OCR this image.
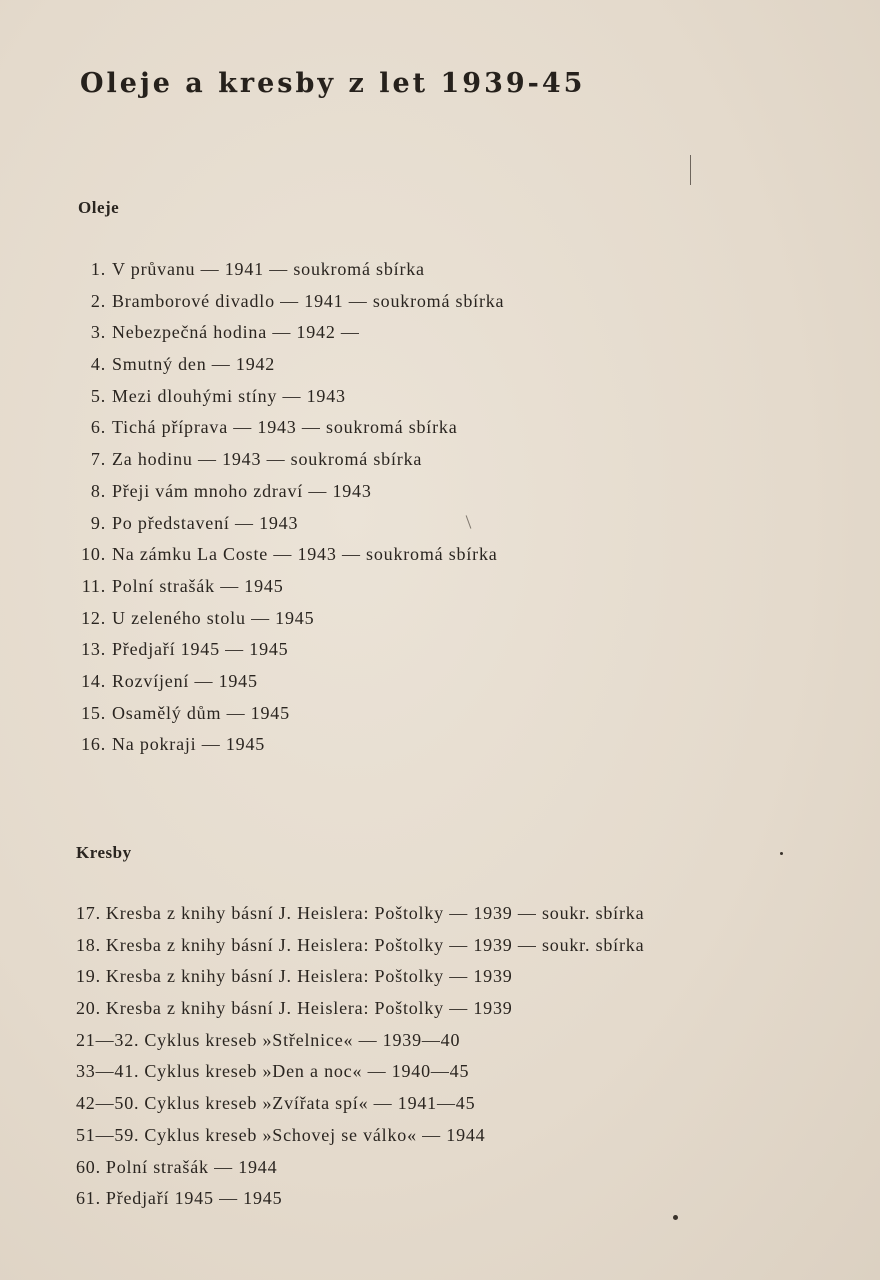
Oleje a kresby z let 1939-45
Oleje
1. V průvanu — 1941 — soukromá sbírka
2. Bramborové divadlo — 1941 — soukromá sbírka
3. Nebezpečná hodina — 1942 —
4. Smutný den — 1942
5. Mezi dlouhými stíny — 1943
6. Tichá příprava — 1943 — soukromá sbírka
7. Za hodinu — 1943 — soukromá sbírka
8. Přeji vám mnoho zdraví — 1943
9. Po představení — 1943
10. Na zámku La Coste — 1943 — soukromá sbírka
11. Polní strašák — 1945
12. U zeleného stolu — 1945
13. Předjaří 1945 — 1945
14. Rozvíjení — 1945
15. Osamělý dům — 1945
16. Na pokraji — 1945
Kresby
17. Kresba z knihy básní J. Heislera: Poštolky — 1939 — soukr. sbírka
18. Kresba z knihy básní J. Heislera: Poštolky — 1939 — soukr. sbírka
19. Kresba z knihy básní J. Heislera: Poštolky — 1939
20. Kresba z knihy básní J. Heislera: Poštolky — 1939
21—32. Cyklus kreseb »Střelnice« — 1939—40
33—41. Cyklus kreseb »Den a noc« — 1940—45
42—50. Cyklus kreseb »Zvířata spí« — 1941—45
51—59. Cyklus kreseb »Schovej se válko« — 1944
60. Polní strašák — 1944
61. Předjaří 1945 — 1945
